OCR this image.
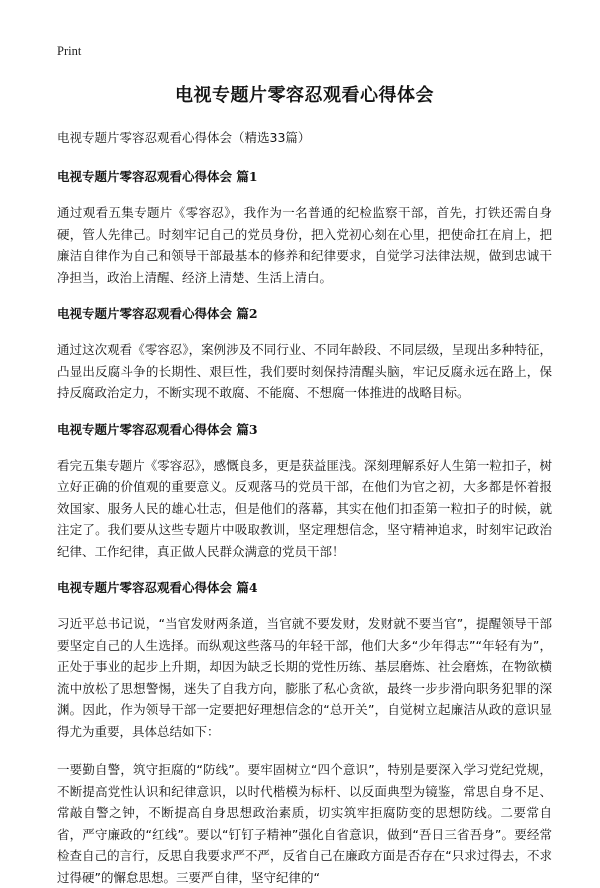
Print
电视专题片零容忍观看心得体会

电视专题片零容忍观看心得体会（精选33篇）

电视专题片零容忍观看心得体会 篇1

通过观看五集专题片《零容忍》，我作为一名普通的纪检监察干部，首先，打铁还需自身硬，管人先律己。时刻牢记自己的党员身份，把入党初心刻在心里，把使命扛在肩上，把廉洁自律作为自己和领导干部最基本的修养和纪律要求，自觉学习法律法规，做到忠诚干净担当，政治上清醒、经济上清楚、生活上清白。

电视专题片零容忍观看心得体会 篇2

通过这次观看《零容忍》，案例涉及不同行业、不同年龄段、不同层级，呈现出多种特征，凸显出反腐斗争的长期性、艰巨性，我们要时刻保持清醒头脑，牢记反腐永远在路上，保持反腐政治定力，不断实现不敢腐、不能腐、不想腐一体推进的战略目标。

电视专题片零容忍观看心得体会 篇3

看完五集专题片《零容忍》，感慨良多，更是获益匪浅。深刻理解系好人生第一粒扣子，树立好正确的价值观的重要意义。反观落马的党员干部，在他们为官之初，大多都是怀着报效国家、服务人民的雄心壮志，但是他们的落幕，其实在他们扣歪第一粒扣子的时候，就注定了。我们要从这些专题片中吸取教训，坚定理想信念，坚守精神追求，时刻牢记政治纪律、工作纪律，真正做人民群众满意的党员干部！

电视专题片零容忍观看心得体会 篇4

习近平总书记说，“当官发财两条道，当官就不要发财，发财就不要当官”，提醒领导干部要坚定自己的人生选择。而纵观这些落马的年轻干部，他们大多“少年得志”“年轻有为”，正处于事业的起步上升期，却因为缺乏长期的党性历练、基层磨炼、社会磨炼，在物欲横流中放松了思想警惕，迷失了自我方向，膨胀了私心贪欲，最终一步步滑向职务犯罪的深渊。因此，作为领导干部一定要把好理想信念的“总开关”，自觉树立起廉洁从政的意识显得尤为重要，具体总结如下：

一要勤自警，筑守拒腐的“防线”。要牢固树立“四个意识”，特别是要深入学习党纪党规，不断提高党性认识和纪律意识，以时代楷模为标杆、以反面典型为镜鉴，常思自身不足、常敲自警之钟，不断提高自身思想政治素质，切实筑牢拒腐防变的思想防线。二要常自省，严守廉政的“红线”。要以“钉钉子精神”强化自省意识，做到“吾日三省吾身”。要经常检查自己的言行，反思自我要求严不严，反省自己在廉政方面是否存在“只求过得去，不求过得硬”的懈怠思想。三要严自律，坚守纪律的“
